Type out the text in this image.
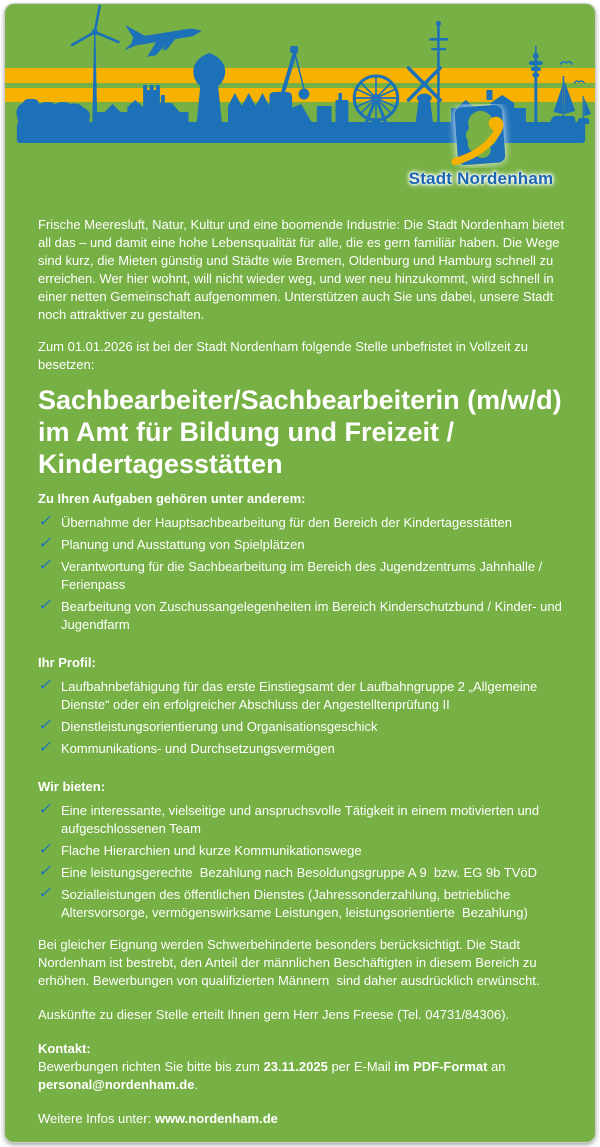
Stadt Nordenham

Frische Meeresluft, Natur, Kultur und eine boomende Industrie: Die Stadt Nordenham bietet all das – und damit eine hohe Lebensqualität für alle, die es gern familiär haben. Die Wege sind kurz, die Mieten günstig und Städte wie Bremen, Oldenburg und Hamburg schnell zu erreichen. Wer hier wohnt, will nicht wieder weg, und wer neu hinzukommt, wird schnell in einer netten Gemeinschaft aufgenommen. Unterstützen auch Sie uns dabei, unsere Stadt noch attraktiver zu gestalten.

Zum 01.01.2026 ist bei der Stadt Nordenham folgende Stelle unbefristet in Vollzeit zu besetzen:

Sachbearbeiter/Sachbearbeiterin (m/w/d)
im Amt für Bildung und Freizeit /
Kindertagesstätten
Zu Ihren Aufgaben gehören unter anderem:
✓ Übernahme der Hauptsachbearbeitung für den Bereich der Kindertagesstätten
✓ Planung und Ausstattung von Spielplätzen
✓ Verantwortung für die Sachbearbeitung im Bereich des Jugendzentrums Jahnhalle / Ferienpass
✓ Bearbeitung von Zuschussangelegenheiten im Bereich Kinderschutzbund / Kinder- und Jugendfarm
Ihr Profil:
✓ Laufbahnbefähigung für das erste Einstiegsamt der Laufbahngruppe 2 „Allgemeine Dienste“ oder ein erfolgreicher Abschluss der Angestelltenprüfung II
✓ Dienstleistungsorientierung und Organisationsgeschick
✓ Kommunikations- und Durchsetzungsvermögen
Wir bieten:
✓ Eine interessante, vielseitige und anspruchsvolle Tätigkeit in einem motivierten und aufgeschlossenen Team
✓ Flache Hierarchien und kurze Kommunikationswege
✓ Eine leistungsgerechte  Bezahlung nach Besoldungsgruppe A 9  bzw. EG 9b TVöD
✓ Sozialleistungen des öffentlichen Dienstes (Jahressonderzahlung, betriebliche Altersvorsorge, vermögenswirksame Leistungen, leistungsorientierte  Bezahlung)

Bei gleicher Eignung werden Schwerbehinderte besonders berücksichtigt. Die Stadt Nordenham ist bestrebt, den Anteil der männlichen Beschäftigten in diesem Bereich zu erhöhen. Bewerbungen von qualifizierten Männern  sind daher ausdrücklich erwünscht.

Auskünfte zu dieser Stelle erteilt Ihnen gern Herr Jens Freese (Tel. 04731/84306).

Kontakt:
Bewerbungen richten Sie bitte bis zum 23.11.2025 per E-Mail im PDF-Format an
personal@nordenham.de.

Weitere Infos unter: www.nordenham.de
